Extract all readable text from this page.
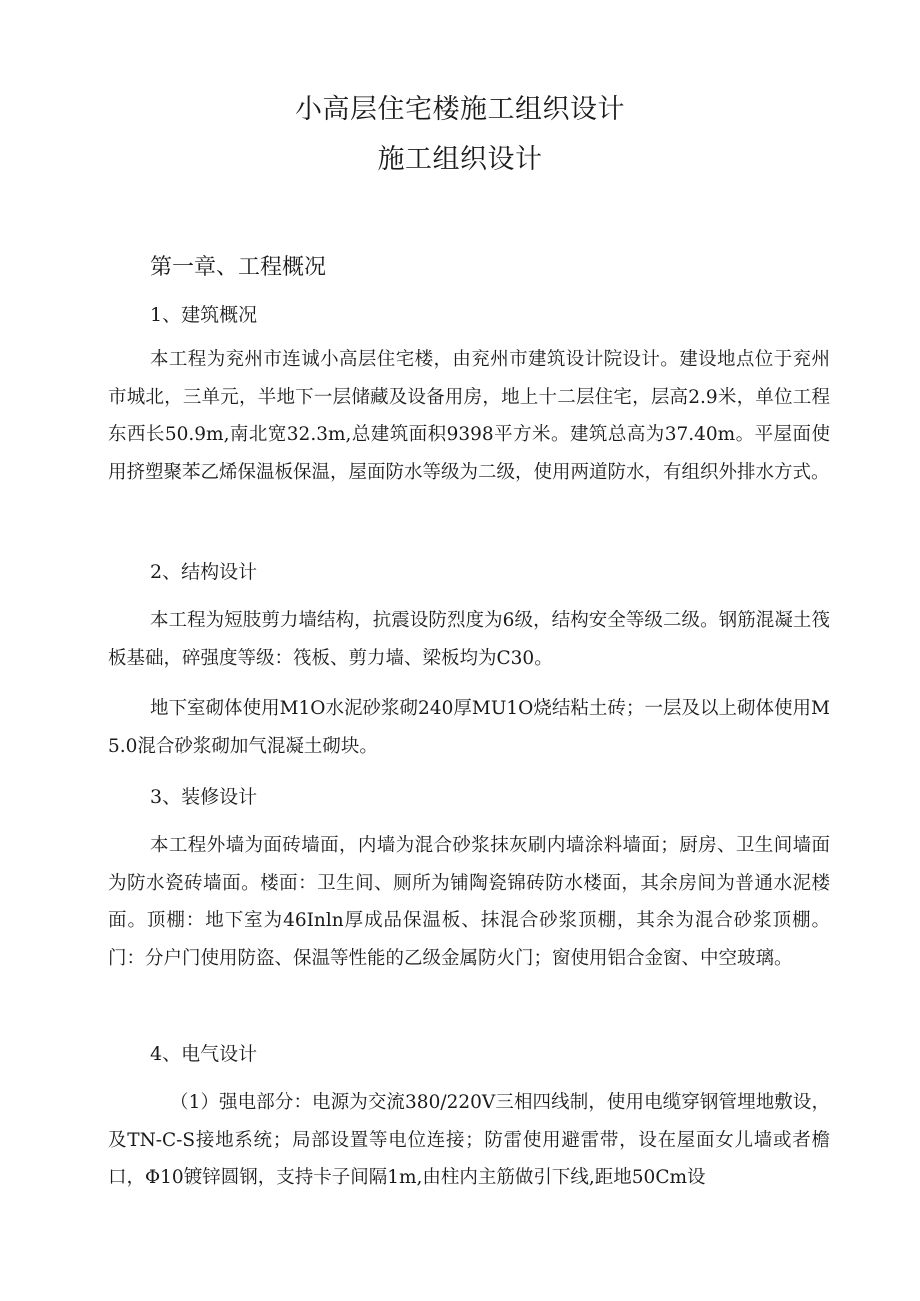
小高层住宅楼施工组织设计
施工组织设计
第一章、工程概况
1、建筑概况
本工程为兖州市连诚小高层住宅楼，由兖州市建筑设计院设计。建设地点位于兖州市城北，三单元，半地下一层储藏及设备用房，地上十二层住宅，层高2.9米，单位工程东西长50.9m,南北宽32.3m,总建筑面积9398平方米。建筑总高为37.40m。平屋面使用挤塑聚苯乙烯保温板保温，屋面防水等级为二级，使用两道防水，有组织外排水方式。
2、结构设计
本工程为短肢剪力墙结构，抗震设防烈度为6级，结构安全等级二级。钢筋混凝土筏板基础，碎强度等级：筏板、剪力墙、梁板均为C30。
地下室砌体使用M1O水泥砂浆砌240厚MU1O烧结粘土砖；一层及以上砌体使用M5.0混合砂浆砌加气混凝土砌块。
3、装修设计
本工程外墙为面砖墙面，内墙为混合砂浆抹灰刷内墙涂料墙面；厨房、卫生间墙面为防水瓷砖墙面。楼面：卫生间、厕所为铺陶瓷锦砖防水楼面，其余房间为普通水泥楼面。顶棚：地下室为46Inln厚成品保温板、抹混合砂浆顶棚，其余为混合砂浆顶棚。门：分户门使用防盗、保温等性能的乙级金属防火门；窗使用铝合金窗、中空玻璃。
4、电气设计
（1）强电部分：电源为交流380/220V三相四线制，使用电缆穿钢管埋地敷设，及TN-C-S接地系统；局部设置等电位连接；防雷使用避雷带，设在屋面女儿墙或者檐口，Φ10镀锌圆钢，支持卡子间隔1m,由柱内主筋做引下线,距地50Cm设
